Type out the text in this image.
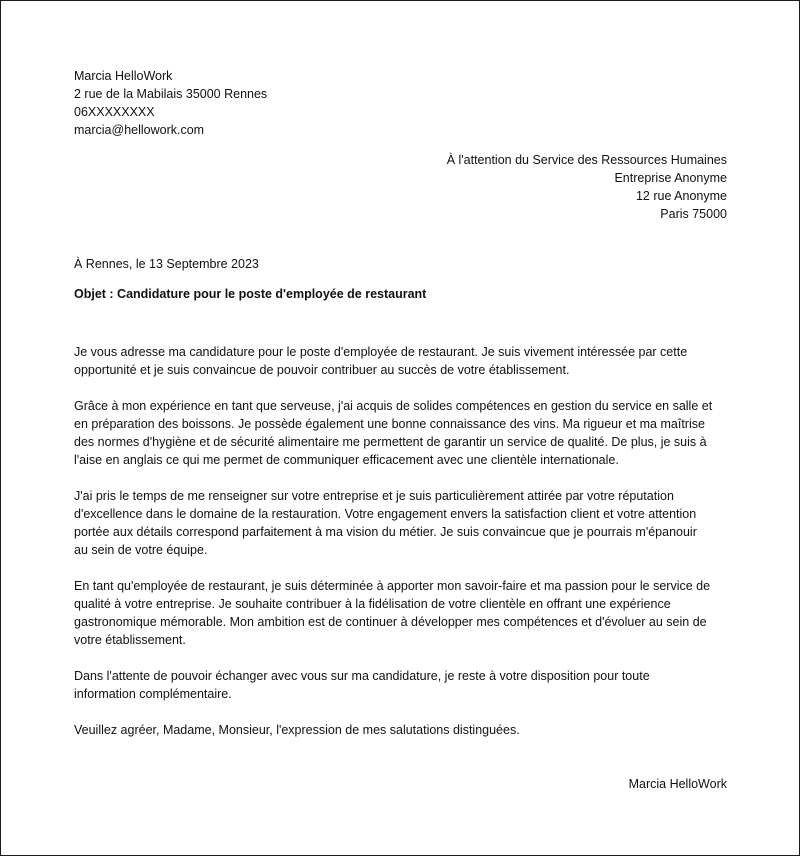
Marcia HelloWork
2 rue de la Mabilais 35000 Rennes
06XXXXXXXX
marcia@hellowork.com
À l'attention du Service des Ressources Humaines
Entreprise Anonyme
12 rue Anonyme
Paris 75000
À Rennes, le 13 Septembre 2023
Objet : Candidature pour le poste d'employée de restaurant

Je vous adresse ma candidature pour le poste d'employée de restaurant. Je suis vivement intéressée par cette
opportunité et je suis convaincue de pouvoir contribuer au succès de votre établissement.

Grâce à mon expérience en tant que serveuse, j'ai acquis de solides compétences en gestion du service en salle et
en préparation des boissons. Je possède également une bonne connaissance des vins. Ma rigueur et ma maîtrise
des normes d'hygiène et de sécurité alimentaire me permettent de garantir un service de qualité. De plus, je suis à
l'aise en anglais ce qui me permet de communiquer efficacement avec une clientèle internationale.

J'ai pris le temps de me renseigner sur votre entreprise et je suis particulièrement attirée par votre réputation
d'excellence dans le domaine de la restauration. Votre engagement envers la satisfaction client et votre attention
portée aux détails correspond parfaitement à ma vision du métier. Je suis convaincue que je pourrais m'épanouir
au sein de votre équipe.

En tant qu'employée de restaurant, je suis déterminée à apporter mon savoir-faire et ma passion pour le service de
qualité à votre entreprise. Je souhaite contribuer à la fidélisation de votre clientèle en offrant une expérience
gastronomique mémorable. Mon ambition est de continuer à développer mes compétences et d'évoluer au sein de
votre établissement.

Dans l'attente de pouvoir échanger avec vous sur ma candidature, je reste à votre disposition pour toute
information complémentaire.

Veuillez agréer, Madame, Monsieur, l'expression de mes salutations distinguées.

Marcia HelloWork
